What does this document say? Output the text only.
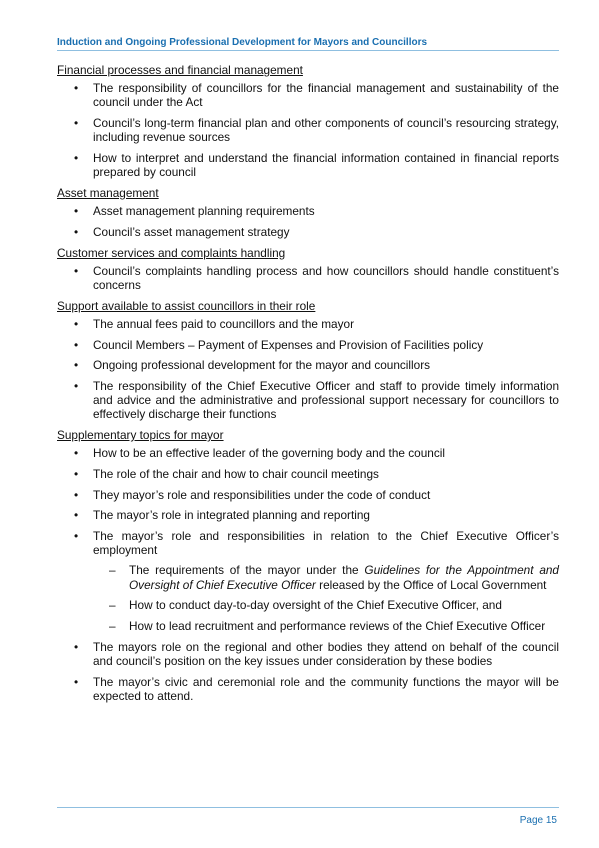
Induction and Ongoing Professional Development for Mayors and Councillors
Financial processes and financial management
• The responsibility of councillors for the financial management and sustainability of the council under the Act
• Council’s long-term financial plan and other components of council’s resourcing strategy, including revenue sources
• How to interpret and understand the financial information contained in financial reports prepared by council
Asset management
• Asset management planning requirements
• Council’s asset management strategy
Customer services and complaints handling
• Council’s complaints handling process and how councillors should handle constituent’s concerns
Support available to assist councillors in their role
• The annual fees paid to councillors and the mayor
• Council Members – Payment of Expenses and Provision of Facilities policy
• Ongoing professional development for the mayor and councillors
• The responsibility of the Chief Executive Officer and staff to provide timely information and advice and the administrative and professional support necessary for councillors to effectively discharge their functions
Supplementary topics for mayor
• How to be an effective leader of the governing body and the council
• The role of the chair and how to chair council meetings
• They mayor’s role and responsibilities under the code of conduct
• The mayor’s role in integrated planning and reporting
• The mayor’s role and responsibilities in relation to the Chief Executive Officer’s employment
– The requirements of the mayor under the Guidelines for the Appointment and Oversight of Chief Executive Officer released by the Office of Local Government
– How to conduct day-to-day oversight of the Chief Executive Officer, and
– How to lead recruitment and performance reviews of the Chief Executive Officer
• The mayors role on the regional and other bodies they attend on behalf of the council and council’s position on the key issues under consideration by these bodies
• The mayor’s civic and ceremonial role and the community functions the mayor will be expected to attend.
Page 15
